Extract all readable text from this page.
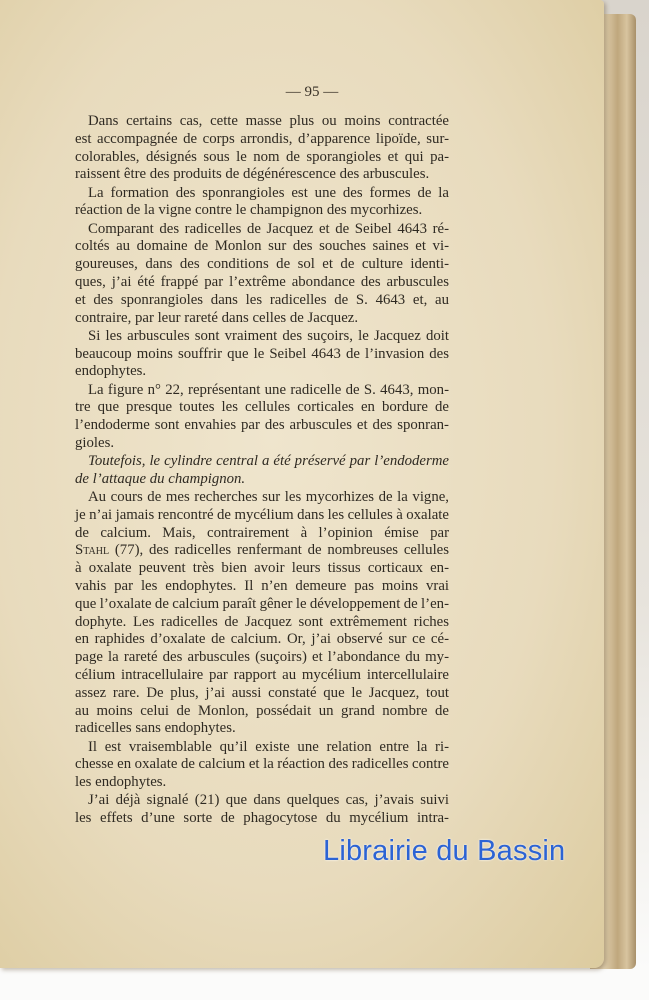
— 95 —
Dans certains cas, cette masse plus ou moins contractée
est accompagnée de corps arrondis, d’apparence lipoïde, sur-
colorables, désignés sous le nom de sporangioles et qui pa-
raissent être des produits de dégénérescence des arbuscules.
La formation des sponrangioles est une des formes de la
réaction de la vigne contre le champignon des mycorhizes.
Comparant des radicelles de Jacquez et de Seibel 4643 ré-
coltés au domaine de Monlon sur des souches saines et vi-
goureuses, dans des conditions de sol et de culture identi-
ques, j’ai été frappé par l’extrême abondance des arbuscules
et des sponrangioles dans les radicelles de S. 4643 et, au
contraire, par leur rareté dans celles de Jacquez.
Si les arbuscules sont vraiment des suçoirs, le Jacquez doit
beaucoup moins souffrir que le Seibel 4643 de l’invasion des
endophytes.
La figure n° 22, représentant une radicelle de S. 4643, mon-
tre que presque toutes les cellules corticales en bordure de
l’endoderme sont envahies par des arbuscules et des sponran-
gioles.
Toutefois, le cylindre central a été préservé par l’endoderme
de l’attaque du champignon.
Au cours de mes recherches sur les mycorhizes de la vigne,
je n’ai jamais rencontré de mycélium dans les cellules à oxalate
de calcium. Mais, contrairement à l’opinion émise par
Stahl (77), des radicelles renfermant de nombreuses cellules
à oxalate peuvent très bien avoir leurs tissus corticaux en-
vahis par les endophytes. Il n’en demeure pas moins vrai
que l’oxalate de calcium paraît gêner le développement de l’en-
dophyte. Les radicelles de Jacquez sont extrêmement riches
en raphides d’oxalate de calcium. Or, j’ai observé sur ce cé-
page la rareté des arbuscules (suçoirs) et l’abondance du my-
célium intracellulaire par rapport au mycélium intercellulaire
assez rare. De plus, j’ai aussi constaté que le Jacquez, tout
au moins celui de Monlon, possédait un grand nombre de
radicelles sans endophytes.
Il est vraisemblable qu’il existe une relation entre la ri-
chesse en oxalate de calcium et la réaction des radicelles contre
les endophytes.
J’ai déjà signalé (21) que dans quelques cas, j’avais suivi
les effets d’une sorte de phagocytose du mycélium intra-
Librairie du Bassin
